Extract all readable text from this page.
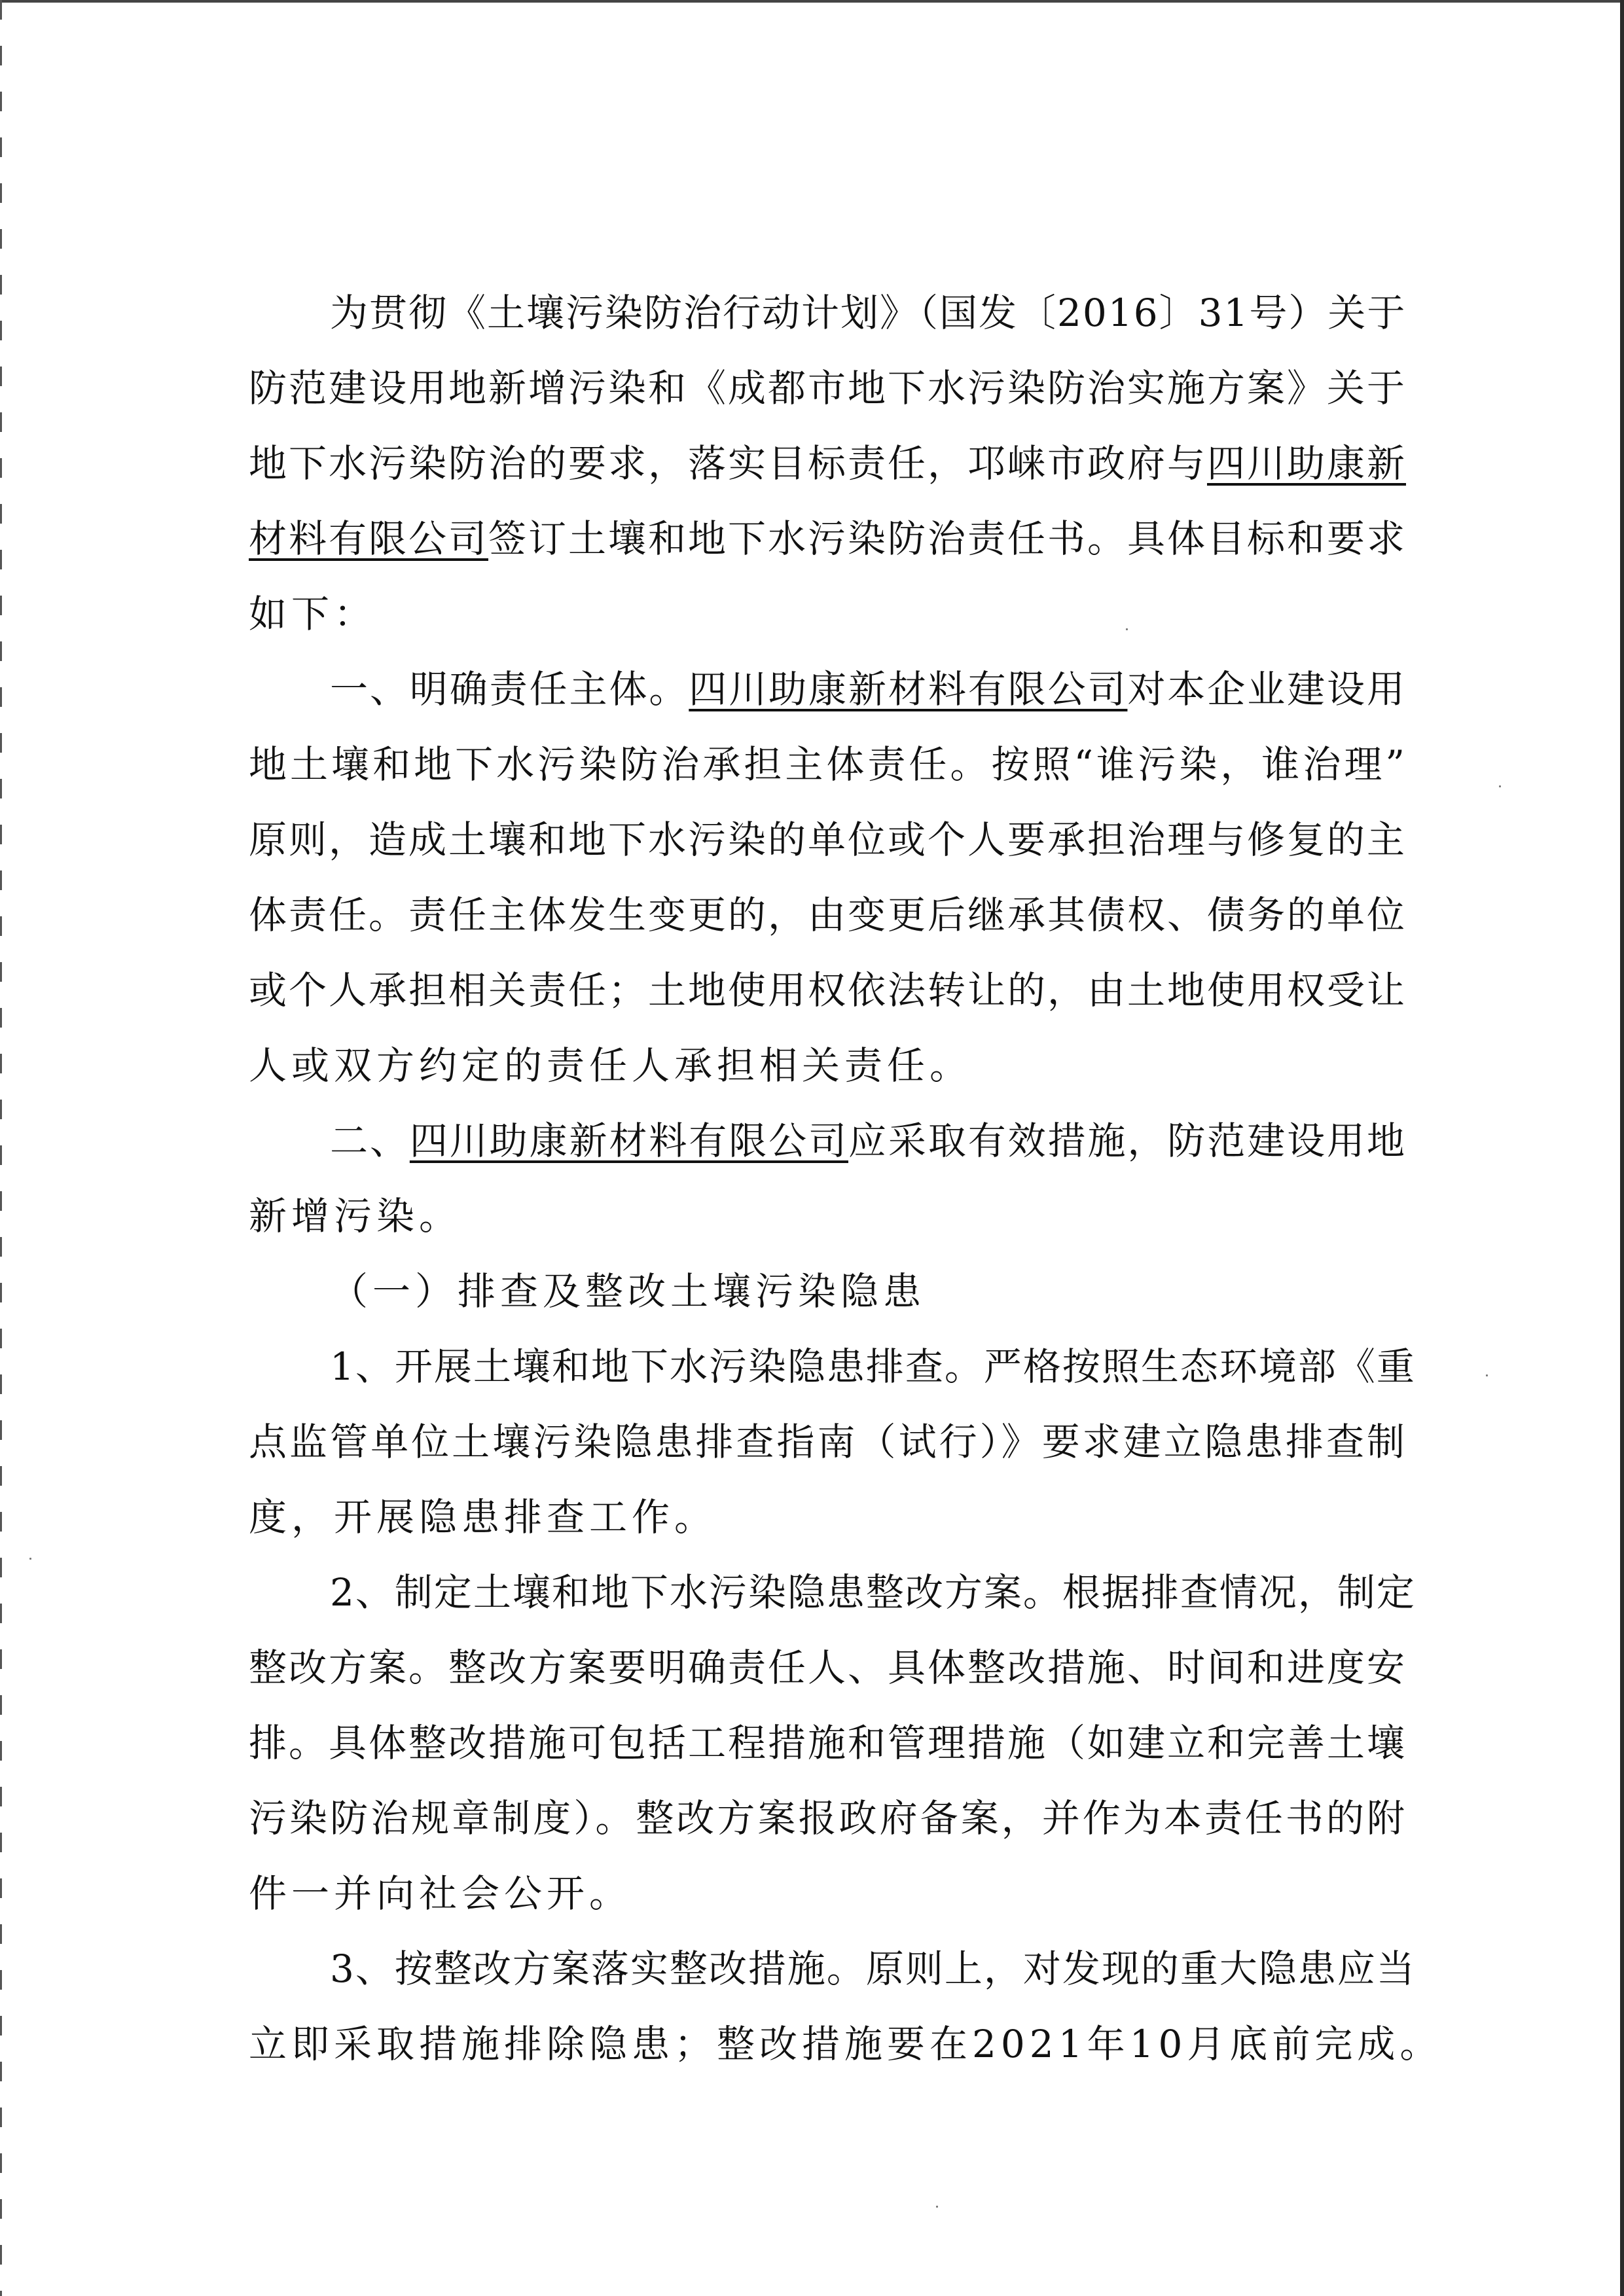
为贯彻《土壤污染防治行动计划》（国发〔2016〕31号）关于
防范建设用地新增污染和《成都市地下水污染防治实施方案》关于
地下水污染防治的要求，落实目标责任，邛崃市政府与四川助康新
材料有限公司签订土壤和地下水污染防治责任书。具体目标和要求
如下：
一、明确责任主体。四川助康新材料有限公司对本企业建设用
地土壤和地下水污染防治承担主体责任。按照“谁污染，谁治理”
原则，造成土壤和地下水污染的单位或个人要承担治理与修复的主
体责任。责任主体发生变更的，由变更后继承其债权、债务的单位
或个人承担相关责任；土地使用权依法转让的，由土地使用权受让
人或双方约定的责任人承担相关责任。
二、四川助康新材料有限公司应采取有效措施，防范建设用地
新增污染。
（一）排查及整改土壤污染隐患
1、开展土壤和地下水污染隐患排查。严格按照生态环境部《重
点监管单位土壤污染隐患排查指南（试行）》要求建立隐患排查制
度，开展隐患排查工作。
2、制定土壤和地下水污染隐患整改方案。根据排查情况，制定
整改方案。整改方案要明确责任人、具体整改措施、时间和进度安
排。具体整改措施可包括工程措施和管理措施（如建立和完善土壤
污染防治规章制度）。整改方案报政府备案，并作为本责任书的附
件一并向社会公开。
3、按整改方案落实整改措施。原则上，对发现的重大隐患应当
立即采取措施排除隐患；整改措施要在2021年10月底前完成。
